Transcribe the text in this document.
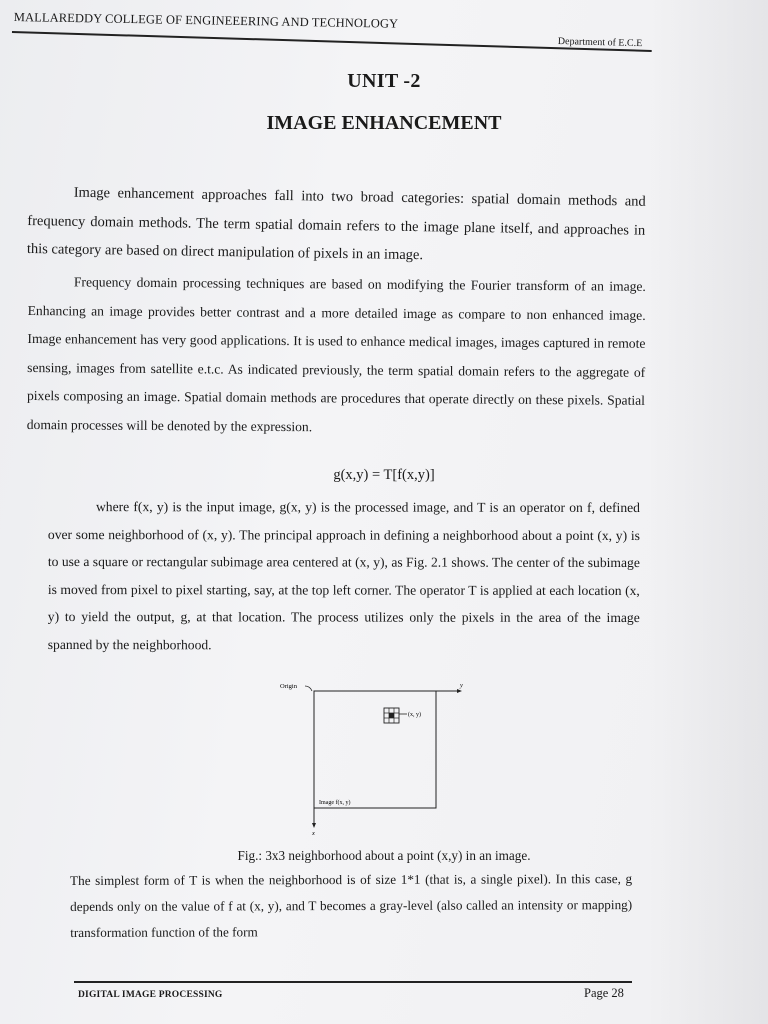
MALLAREDDY COLLEGE OF ENGINEEERING AND TECHNOLOGY
Department of E.C.E
UNIT -2
IMAGE ENHANCEMENT
Image enhancement approaches fall into two broad categories: spatial domain methods and frequency domain methods. The term spatial domain refers to the image plane itself, and approaches in this category are based on direct manipulation of pixels in an image.
Frequency domain processing techniques are based on modifying the Fourier transform of an image. Enhancing an image provides better contrast and a more detailed image as compare to non enhanced image. Image enhancement has very good applications. It is used to enhance medical images, images captured in remote sensing, images from satellite e.t.c. As indicated previously, the term spatial domain refers to the aggregate of pixels composing an image. Spatial domain methods are procedures that operate directly on these pixels. Spatial domain processes will be denoted by the expression.
g(x,y) = T[f(x,y)]
where f(x, y) is the input image, g(x, y) is the processed image, and T is an operator on f, defined over some neighborhood of (x, y). The principal approach in defining a neighborhood about a point (x, y) is to use a square or rectangular subimage area centered at (x, y), as Fig. 2.1 shows. The center of the subimage is moved from pixel to pixel starting, say, at the top left corner. The operator T is applied at each location (x, y) to yield the output, g, at that location. The process utilizes only the pixels in the area of the image spanned by the neighborhood.
Origin	y
x
(x, y)
Image f(x, y)
Fig.: 3x3 neighborhood about a point (x,y) in an image.
The simplest form of T is when the neighborhood is of size 1*1 (that is, a single pixel). In this case, g depends only on the value of f at (x, y), and T becomes a gray-level (also called an intensity or mapping) transformation function of the form
DIGITAL IMAGE PROCESSING	Page 28
